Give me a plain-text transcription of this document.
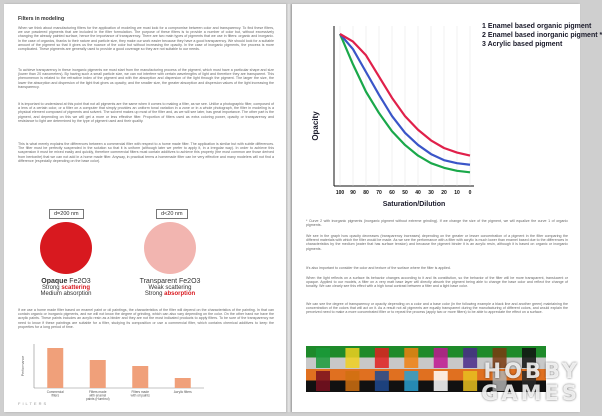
Filters in modeling
When we think about manufacturing filters for the application of modeling we must look for a compromise between color and transparency. To find these filters, we use powdered pigments that are included in the filter formulation. The purpose of these filters is to provide a number of color but, without excessively changing the already painted surface, hence the importance of transparency. There are two main types of pigments that we use in filters: organic and inorganic. In the case of organics, thanks to their nature and particle size, they make our work easier because they have a good transparency. We should look for a suitable amount of the pigment so that it gives us the nuance of the color but without increasing the opacity. In the case of inorganic pigments, the process is more complicated. These pigments are generally used to provide a good coverage so they are not suitable to our needs.
To achieve transparency in these inorganic pigments we must start from the manufacturing process of the pigment, which must have a particular shape and size (lower than 20 nanometers). By having such a small particle size, we can not interfere with certain wavelengths of light and therefore they are transparent. This phenomenon is related to the refractive index of the pigment and with the absorption and dispersion of the light through the pigment. The larger the size, the lower the absorption and dispersion of the light that gives us opacity; and the smaller size, the greater absorption and dispersion values of the light increasing the transparency.
It is important to understand at this point that not all pigments are the same when it comes to making a filter, as we see. Unlike a photographic filter, composed of a lens of a certain color, or a filter on a computer that simply provides an uniform tonal variation in a zone or in a whole photograph, the filter in modeling is a physical element composed of pigments and solvent. The solvent makes up most of the filter and, as we will see later, has great importance. The other part is the pigment, and depending on this we will get a more or less effective filter. Proportion of filters used as extra coloring power, opacity or transparency and resistance to light are determined by the type of pigment used and their quality.
This is what merely explains the differences between a commercial filter with respect to a home made filter. The application is similar but with subtle differences. The filter must be perfectly suspended in the solution so that it is uniform (although later we prefer to apply it, in a irregular way). In order to achieve this suspension it must be mixed easily and quickly, therefore commercial filters must contain additives to achieve this property (the most common are those derived from bentonite) that we can not add in a home made filter. Anyway, in practical terms a homemade filter can be very effective and many modelers will not find a difference (especially depending on the base color).
d=200 nm	d<20 nm
Opaque Fe2O3
Strong scattering
Medium absorption
Transparent Fe2O3
Weak scattering
Strong absorption
If we use a home made filter based on enamel paint or oil paintings, the characteristics of the filter will depend on the characteristics of the painting. In that can contain organic or inorganic pigments, and we will not know the degree of grinding, which can also vary depending on the color. On the other hand we have the acrylic paints. These paints includes an acrylic resin as a binder and they are not the most indicated products to apply filters. To be sure of the transparency we need to know if these paintings are suitable for a filter, studying its composition or use a commercial filter, which contains chemical additives to keep the properties for a long period of time.
Performance
Commercial filters
Filters made with enamel paints (Humbrol)
Filters made with oil paints
Acrylic filters
FILTERS
100 90 80 70 60 50 40 30 20 10 0
Opacity
Saturation/Dilution
1 Enamel based organic pigment
2 Enamel based inorganic pigment *
3 Acrylic based pigment
* Curve 2 with inorganic pigments (inorganic pigment without extreme grinding). If we change the size of the pigment, we will equalize the curve 1 of organic pigments.
We see in the graph how opacity decreases (transparency increases) depending on the greater or lesser concentration of a pigment in the filter comparing the different materials with which the filter would be made. As we see the performance with a filter with acrylic is much lower than enamel based due to the differences in characteristics by the medium (water that has surface tension) and because the pigment binder it is an acrylic resin, although it is based on organic or inorganic pigments.
It's also important to consider the color and texture of the surface where the filter is applied.
When the light reflects on a surface its behavior changes according to it and its constitution, so the behavior of the filter will be more transparent, translucent or opaque. Applied to our models, a filter on a very matt base layer will directly absorb the pigment being able to change the base color and reflect the change of tonality. We can clearly see this effect with a high tonal contrast between a filter and a light base color.
We can see the degree of transparency or opacity depending on a color and a base color (in the following example a black line and another green) maintaining the concentration of the colors that will act on it. As a result not all pigments are equally transparent during the manufacturing of different colors, and would explain the perceived need to make a more concentrated filter or to repeat the process (apply two or more filters) to be able to appreciate the effect on a surface.
HOBBY
GAMES
